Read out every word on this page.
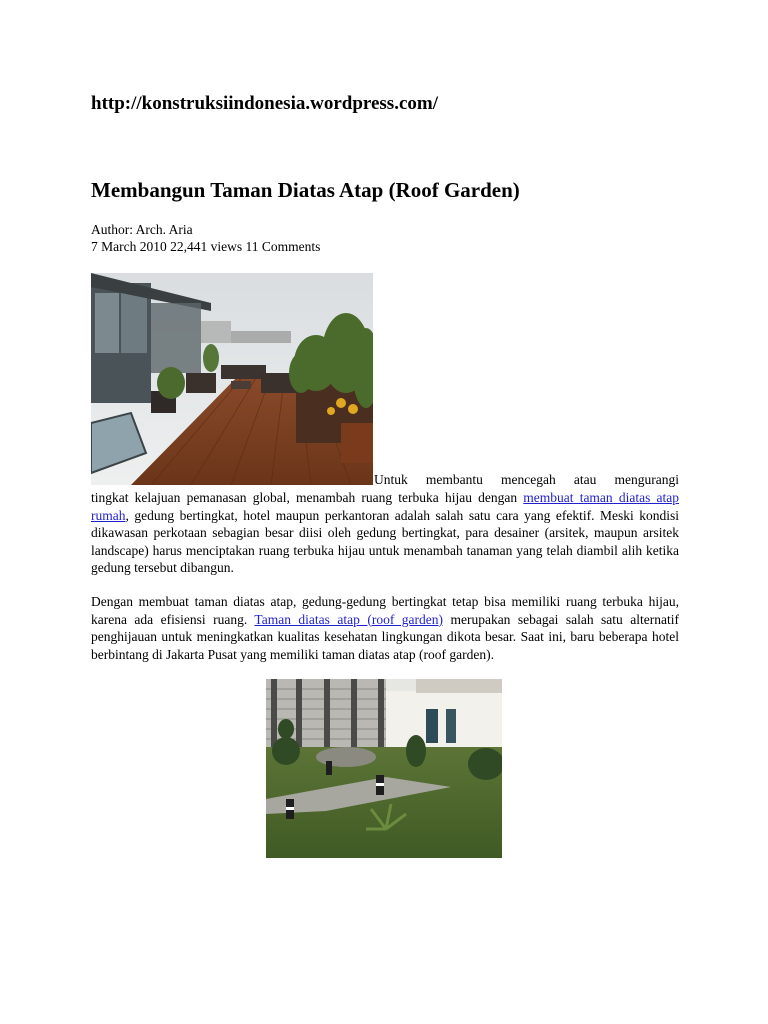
http://konstruksiindonesia.wordpress.com/
Membangun Taman Diatas Atap (Roof Garden)
Author: Arch. Aria
7 March 2010 22,441 views 11 Comments
Untuk membantu mencegah atau mengurangi
tingkat kelajuan pemanasan global, menambah ruang terbuka hijau dengan membuat taman diatas atap rumah, gedung bertingkat, hotel maupun perkantoran adalah salah satu cara yang efektif. Meski kondisi dikawasan perkotaan sebagian besar diisi oleh gedung bertingkat, para desainer (arsitek, maupun arsitek landscape) harus menciptakan ruang terbuka hijau untuk menambah tanaman yang telah diambil alih ketika gedung tersebut dibangun.
Dengan membuat taman diatas atap, gedung-gedung bertingkat tetap bisa memiliki ruang terbuka hijau, karena ada efisiensi ruang. Taman diatas atap (roof garden) merupakan sebagai salah satu alternatif penghijauan untuk meningkatkan kualitas kesehatan lingkungan dikota besar. Saat ini, baru beberapa hotel berbintang di Jakarta Pusat yang memiliki taman diatas atap (roof garden).
